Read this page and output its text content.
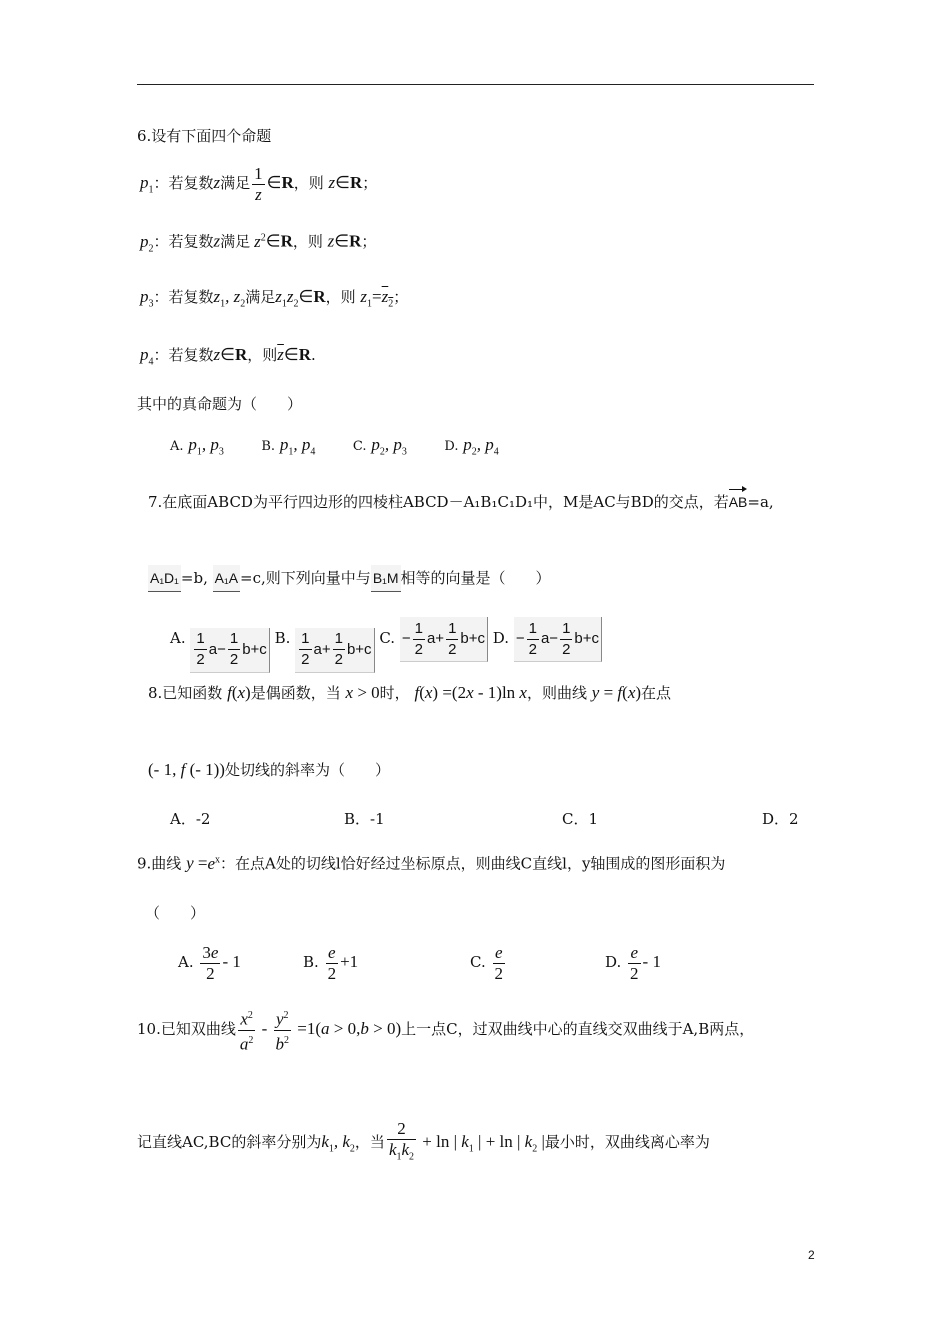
6.设有下面四个命题
$p_1$：若复数z满足 $\frac{1}{z}$ ∈R，则 z∈R；
$p_2$：若复数z满足 $z^2\in R$，则 z∈R；
$p_3$：若复数$z_1$, $z_2$满足$z_1z_2\in R$，则 $z_1=z_2$；
$p_4$：若复数z∈R，则$\overline{z}\in R$.
其中的真命题为（　　）
A. $p_1$, $p_3$	B. $p_1$, $p_4$	C. $p_2$, $p_3$	D. $p_2$, $p_4$
7.在底面ABCD为平行四边形的四棱柱ABCD－A₁B₁C₁D₁中，M是AC与BD的交点，若AB=a,
A₁D₁ =b, A₁A =c,则下列向量中与 B₁M 相等的向量是（　　）
A. $\frac{1}{2} a- \frac{1}{2} b+c$ B. $\frac{1}{2} a+ \frac{1}{2} b+c$ C. − $\frac{1}{2} a+ \frac{1}{2} b+c$ D. − $\frac{1}{2} a- \frac{1}{2} b+c$
8.已知函数 f(x)是偶函数，当 x > 0时， f(x) =(2x - 1)ln x，则曲线 y = f(x)在点
(- 1, f (- 1))处切线的斜率为（　　）
A．-2	B．-1	C．1	D．2
9.曲线 $y =e^x$：在点A处的切线l恰好经过坐标原点，则曲线C直线l，y轴围成的图形面积为
（　　）
A. $\frac{3e}{2} - 1$	B. $\frac{e}{2} +1$	C. $\frac{e}{2}$	D. $\frac{e}{2} - 1$
10.已知双曲线 $\frac{x^2}{a^2} - \frac{y^2}{b^2} =1(a > 0,b > 0)$上一点C，过双曲线中心的直线交双曲线于A,B两点，
记直线AC,BC的斜率分别为$k_1$, $k_2$，当 $\frac{2}{k_1k_2} + \ln$ | $k_1$ | + ln | $k_2$ |最小时，双曲线离心率为
2
